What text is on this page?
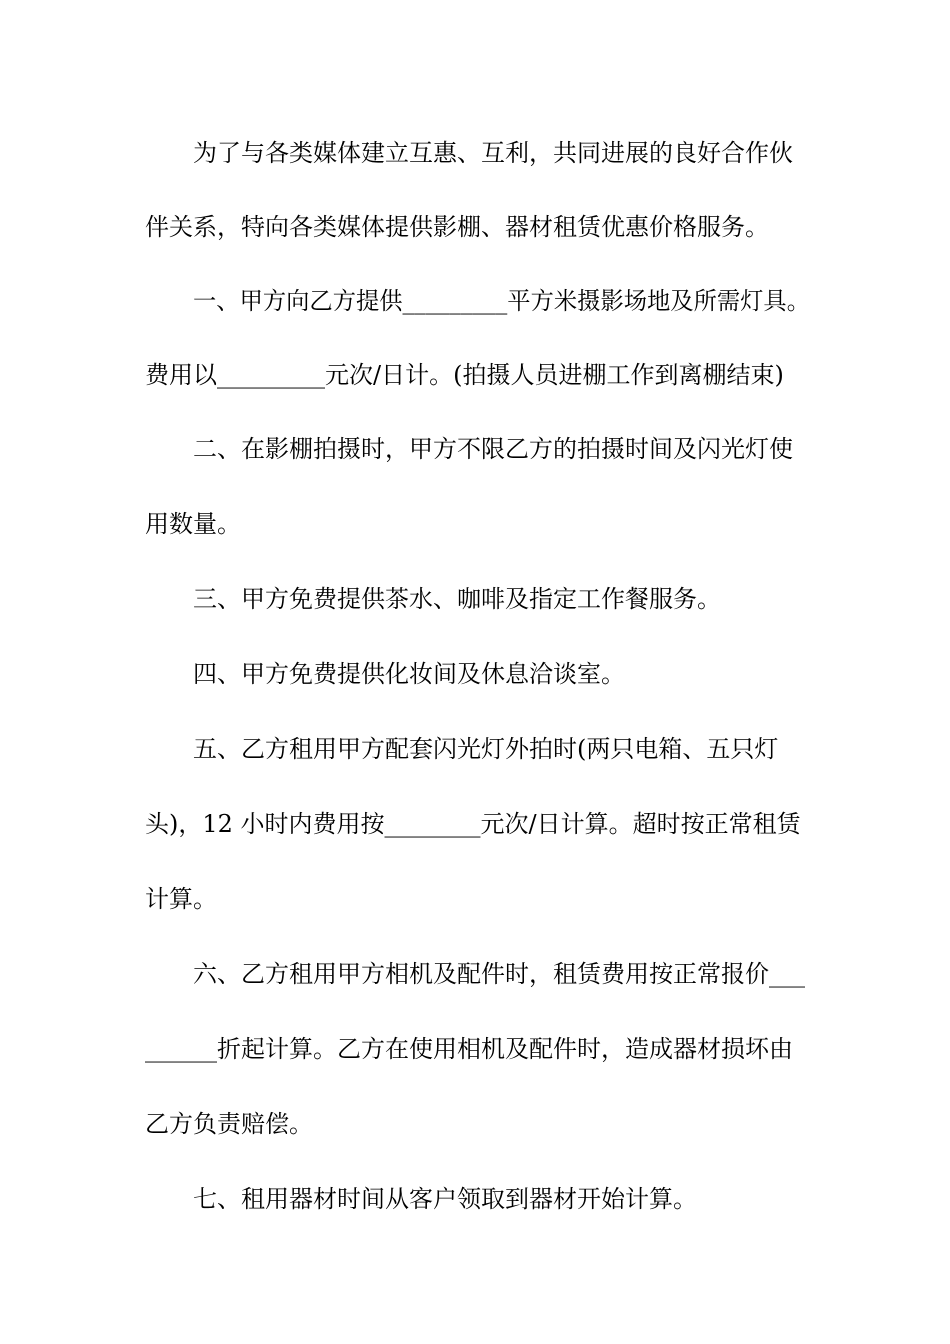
为了与各类媒体建立互惠、互利，共同进展的良好合作伙

伴关系，特向各类媒体提供影棚、器材租赁优惠价格服务。

一、甲方向乙方提供_________平方米摄影场地及所需灯具。

费用以_________元次/日计。(拍摄人员进棚工作到离棚结束)

二、在影棚拍摄时，甲方不限乙方的拍摄时间及闪光灯使

用数量。

三、甲方免费提供茶水、咖啡及指定工作餐服务。

四、甲方免费提供化妆间及休息洽谈室。

五、乙方租用甲方配套闪光灯外拍时(两只电箱、五只灯

头)，12 小时内费用按________元次/日计算。超时按正常租赁

计算。

六、乙方租用甲方相机及配件时，租赁费用按正常报价___

______折起计算。乙方在使用相机及配件时，造成器材损坏由

乙方负责赔偿。

七、租用器材时间从客户领取到器材开始计算。
